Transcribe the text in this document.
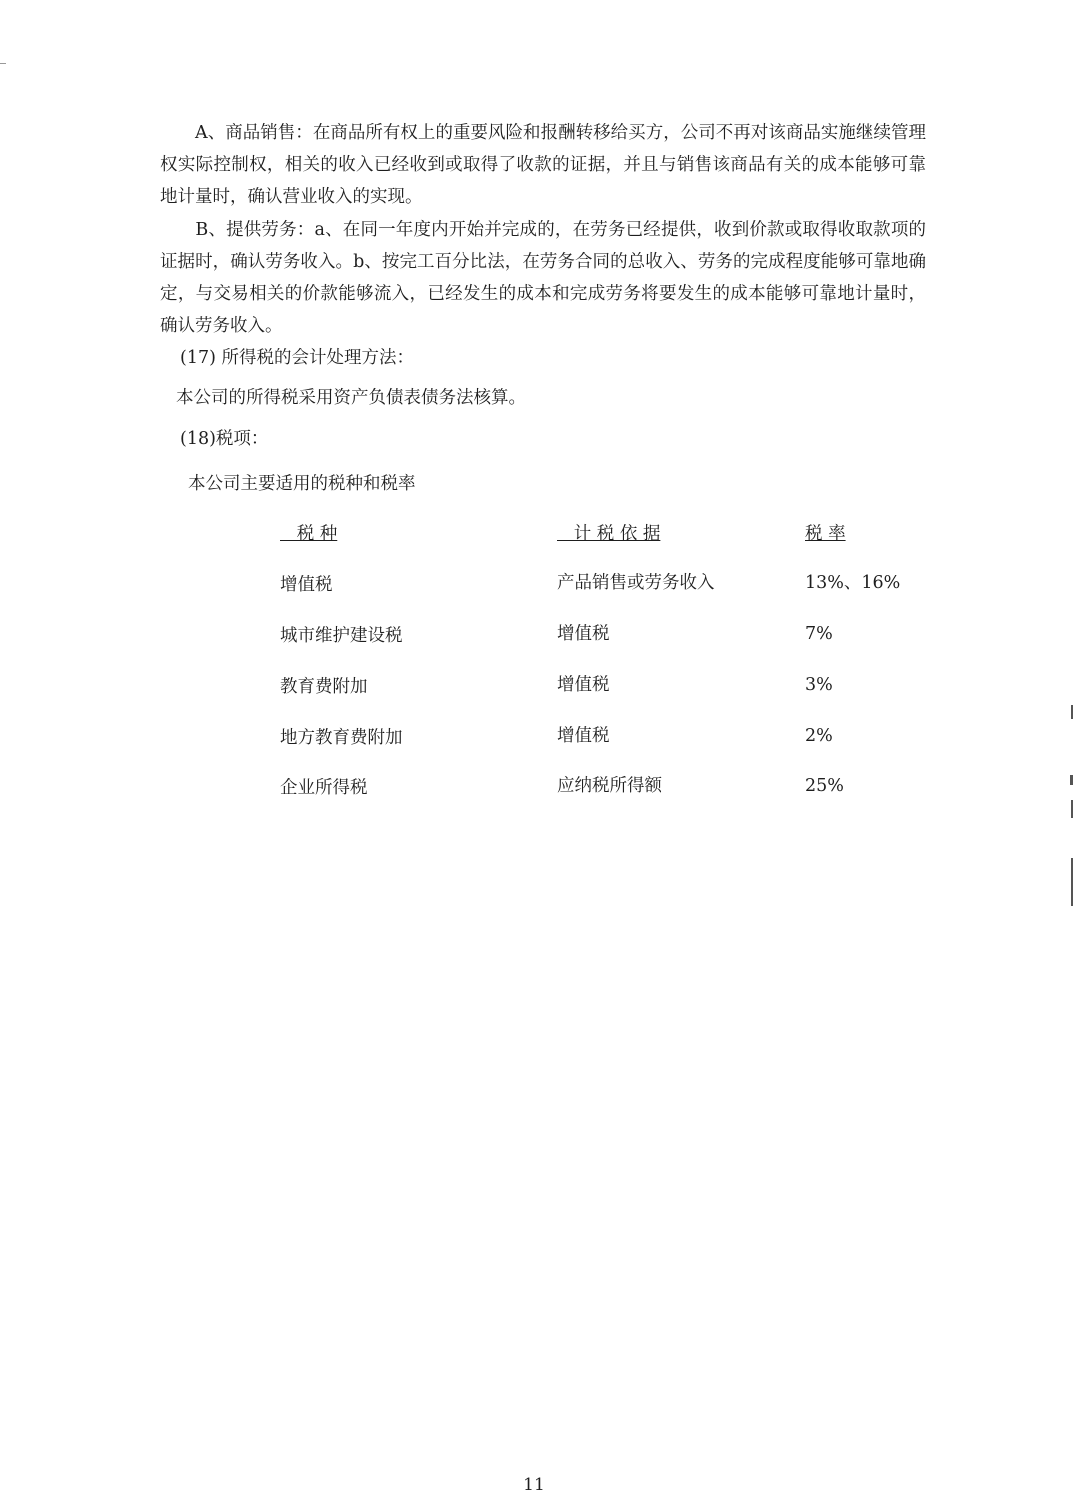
　　A、商品销售：在商品所有权上的重要风险和报酬转移给买方，公司不再对该商品实施继续管理权实际控制权，相关的收入已经收到或取得了收款的证据，并且与销售该商品有关的成本能够可靠地计量时，确认营业收入的实现。

　　B、提供劳务：a、在同一年度内开始并完成的，在劳务已经提供，收到价款或取得收取款项的证据时，确认劳务收入。b、按完工百分比法，在劳务合同的总收入、劳务的完成程度能够可靠地确定，与交易相关的价款能够流入，已经发生的成本和完成劳务将要发生的成本能够可靠地计量时，确认劳务收入。

(17) 所得税的会计处理方法：

本公司的所得税采用资产负债表债务法核算。

(18)税项：

本公司主要适用的税种和税率

税 种	计 税 依 据	税 率
增值税	产品销售或劳务收入	13%、16%
城市维护建设税	增值税	7%
教育费附加	增值税	3%
地方教育费附加	增值税	2%
企业所得税	应纳税所得额	25%
11
